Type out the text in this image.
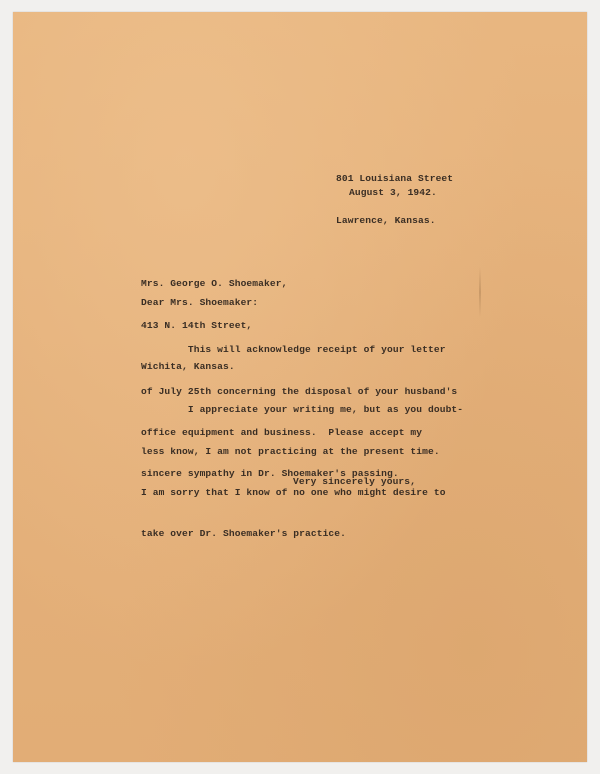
801 Louisiana Street

Lawrence, Kansas.

August 3, 1942.

Mrs. George O. Shoemaker,

413 N. 14th Street,

Wichita, Kansas.

Dear Mrs. Shoemaker:

This will acknowledge receipt of your letter

of July 25th concerning the disposal of your husband's

office equipment and business.  Please accept my

sincere sympathy in Dr. Shoemaker's passing.

I appreciate your writing me, but as you doubt-

less know, I am not practicing at the present time.

I am sorry that I know of no one who might desire to

take over Dr. Shoemaker's practice.

Very sincerely yours,
